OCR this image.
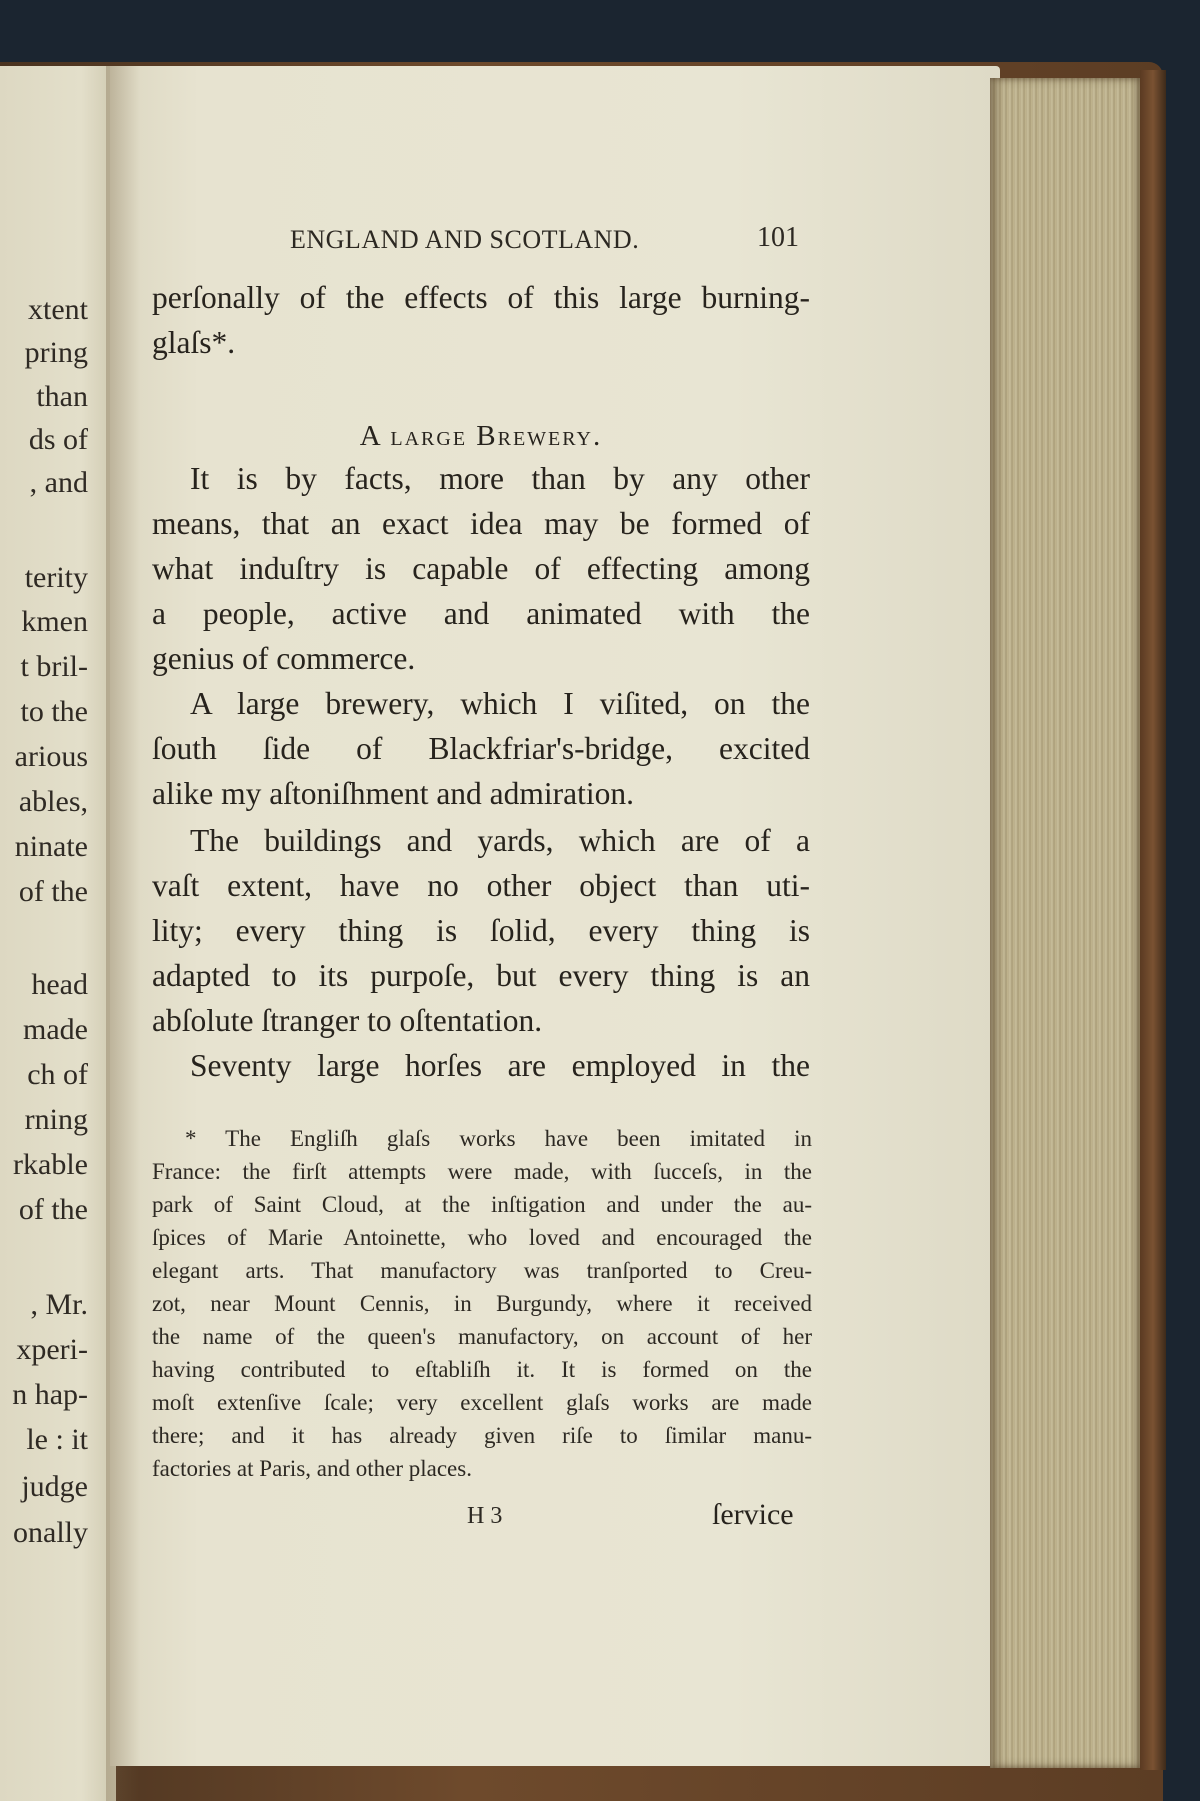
xtent
pring
than
ds of
, and
terity
kmen
t bril-
to the
arious
ables,
ninate
of the
head
made
ch of
rning
rkable
of the
, Mr.
xperi-
n hap-
le : it
judge
onally
ENGLAND AND SCOTLAND.	101
perſonally of the effects of this large burning-
glaſs*.
A large Brewery.
It is by facts, more than by any other
means, that an exact idea may be formed of
what induſtry is capable of effecting among
a people, active and animated with the
genius of commerce.
A large brewery, which I viſited, on the
ſouth ſide of Blackfriar's-bridge, excited
alike my aſtoniſhment and admiration.
The buildings and yards, which are of a
vaſt extent, have no other object than uti-
lity; every thing is ſolid, every thing is
adapted to its purpoſe, but every thing is an
abſolute ſtranger to oſtentation.
Seventy large horſes are employed in the
* The Engliſh glaſs works have been imitated in
France: the firſt attempts were made, with ſucceſs, in the
park of Saint Cloud, at the inſtigation and under the au-
ſpices of Marie Antoinette, who loved and encouraged the
elegant arts. That manufactory was tranſported to Creu-
zot, near Mount Cennis, in Burgundy, where it received
the name of the queen's manufactory, on account of her
having contributed to eſtabliſh it. It is formed on the
moſt extenſive ſcale; very excellent glaſs works are made
there; and it has already given riſe to ſimilar manu-
factories at Paris, and other places.
H 3	ſervice
